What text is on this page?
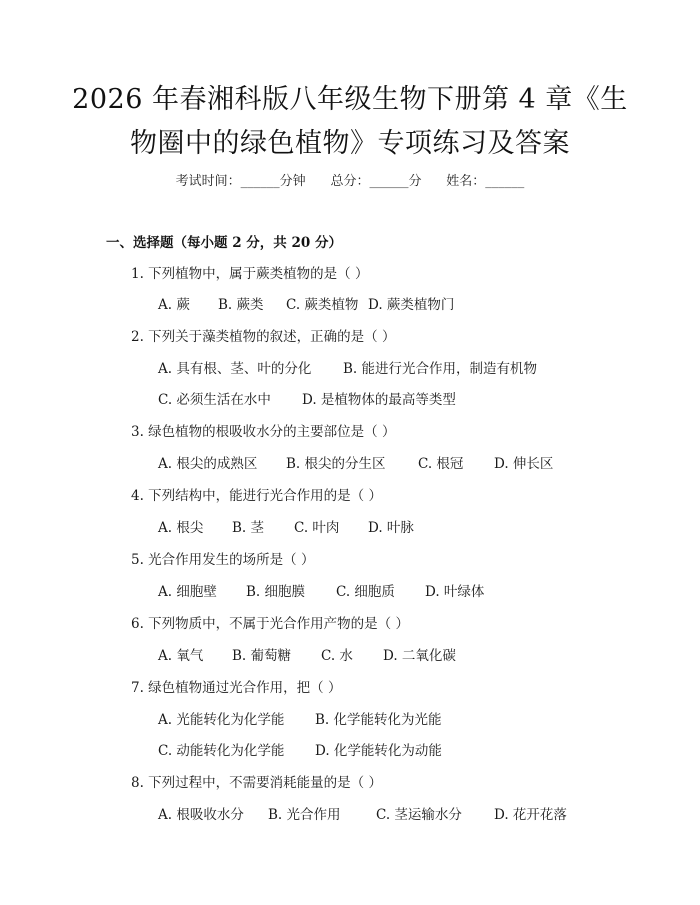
2026 年春湘科版八年级生物下册第 4 章《生
物圈中的绿色植物》专项练习及答案
考试时间：______分钟 总分：______分 姓名：______
一、选择题（每小题 2 分，共 20 分）
1. 下列植物中，属于蕨类植物的是（ ）
A. 蕨	B. 蕨类	C. 蕨类植物 D. 蕨类植物门
2. 下列关于藻类植物的叙述，正确的是（ ）
A. 具有根、茎、叶的分化	B. 能进行光合作用，制造有机物
C. 必须生活在水中	D. 是植物体的最高等类型
3. 绿色植物的根吸收水分的主要部位是（ ）
A. 根尖的成熟区	B. 根尖的分生区	C. 根冠	D. 伸长区
4. 下列结构中，能进行光合作用的是（ ）
A. 根尖	B. 茎	C. 叶肉	D. 叶脉
5. 光合作用发生的场所是（ ）
A. 细胞壁	B. 细胞膜	C. 细胞质	D. 叶绿体
6. 下列物质中，不属于光合作用产物的是（ ）
A. 氧气	B. 葡萄糖	C. 水	D. 二氧化碳
7. 绿色植物通过光合作用，把（ ）
A. 光能转化为化学能	B. 化学能转化为光能
C. 动能转化为化学能	D. 化学能转化为动能
8. 下列过程中，不需要消耗能量的是（ ）
A. 根吸收水分	B. 光合作用	C. 茎运输水分	D. 花开花落
